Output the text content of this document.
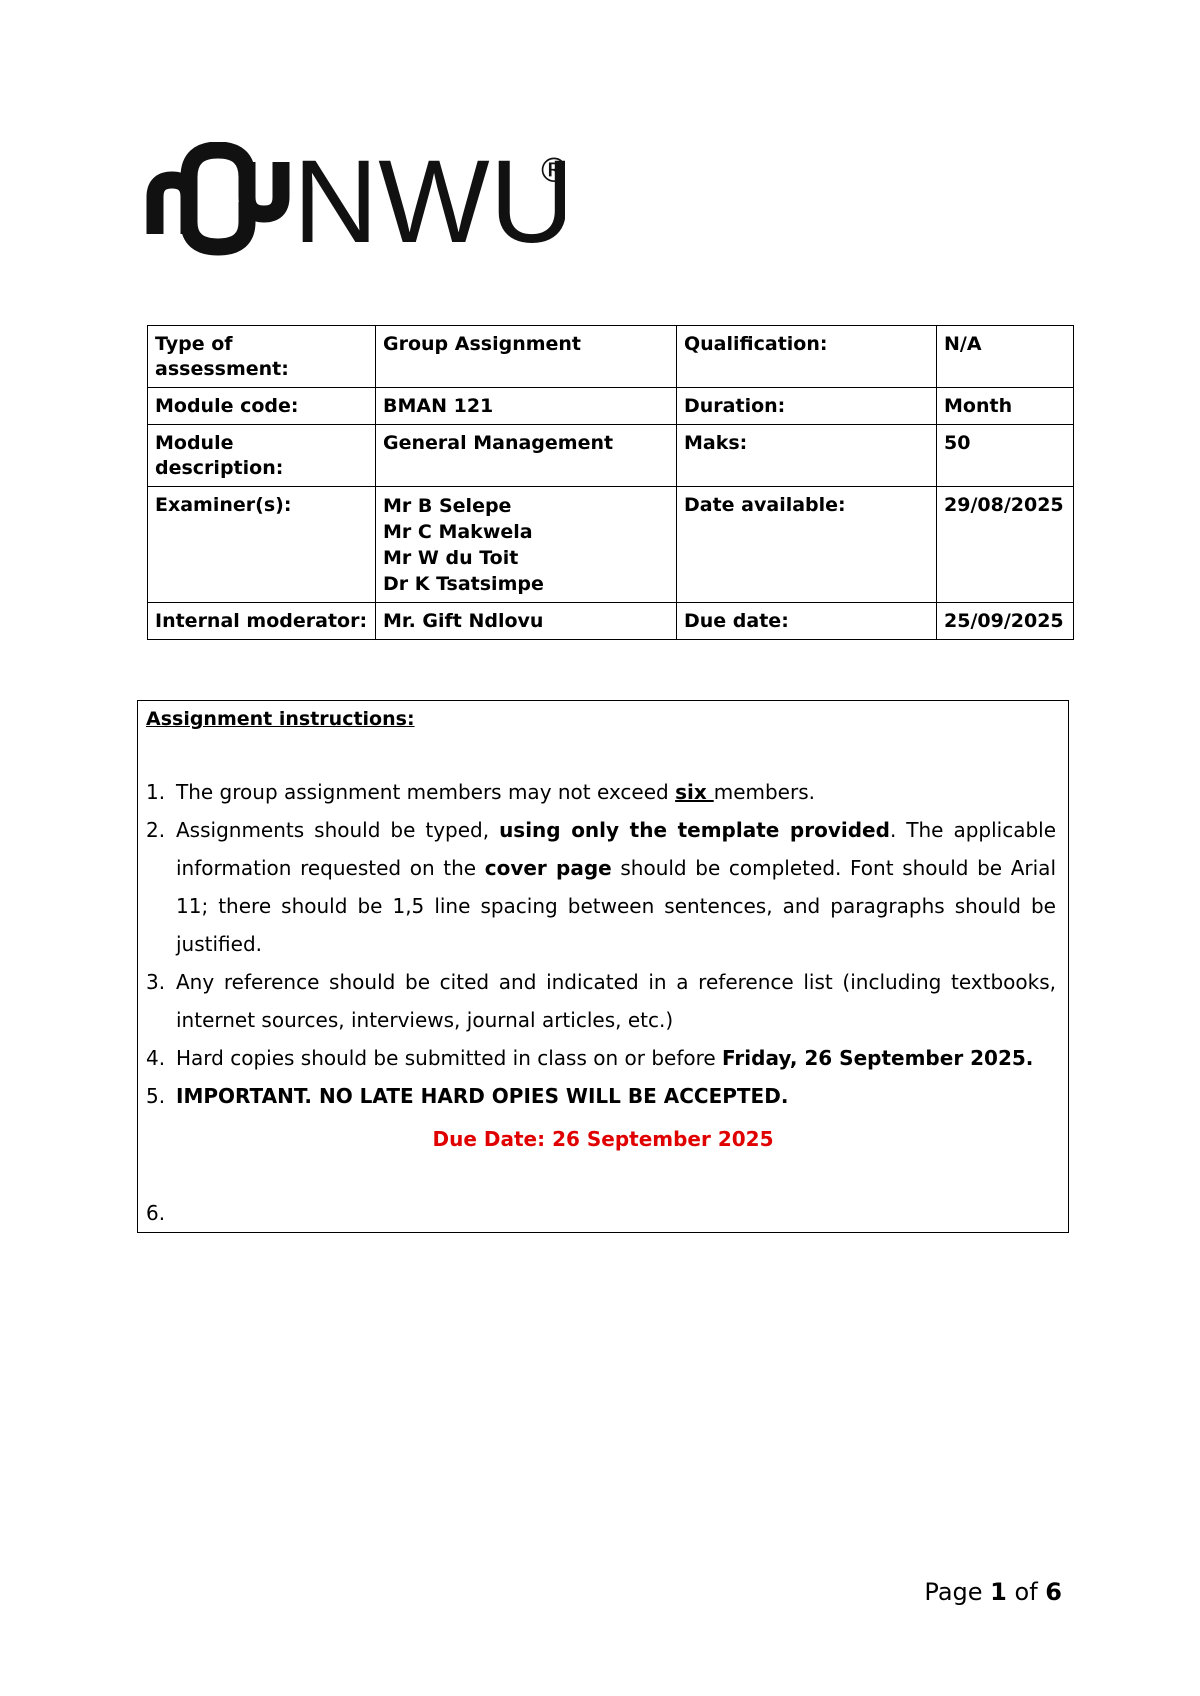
NWU
®
Type of assessment:	Group Assignment	Qualification:	N/A
Module code:	BMAN 121	Duration:	Month
Module description:	General Management	Maks:	50
Examiner(s):	Mr B Selepe
Mr C Makwela
Mr W du Toit
Dr K Tsatsimpe	Date available:	29/08/2025
Internal moderator:	Mr. Gift Ndlovu	Due date:	25/09/2025
Assignment instructions:
1. The group assignment members may not exceed six members.
2. Assignments should be typed, using only the template provided. The applicable information requested on the cover page should be completed. Font should be Arial 11; there should be 1,5 line spacing between sentences, and paragraphs should be justified.
3. Any reference should be cited and indicated in a reference list (including textbooks, internet sources, interviews, journal articles, etc.)
4. Hard copies should be submitted in class on or before Friday, 26 September 2025.
5. IMPORTANT. NO LATE HARD OPIES WILL BE ACCEPTED.
Due Date: 26 September 2025
6.
Page 1 of 6
